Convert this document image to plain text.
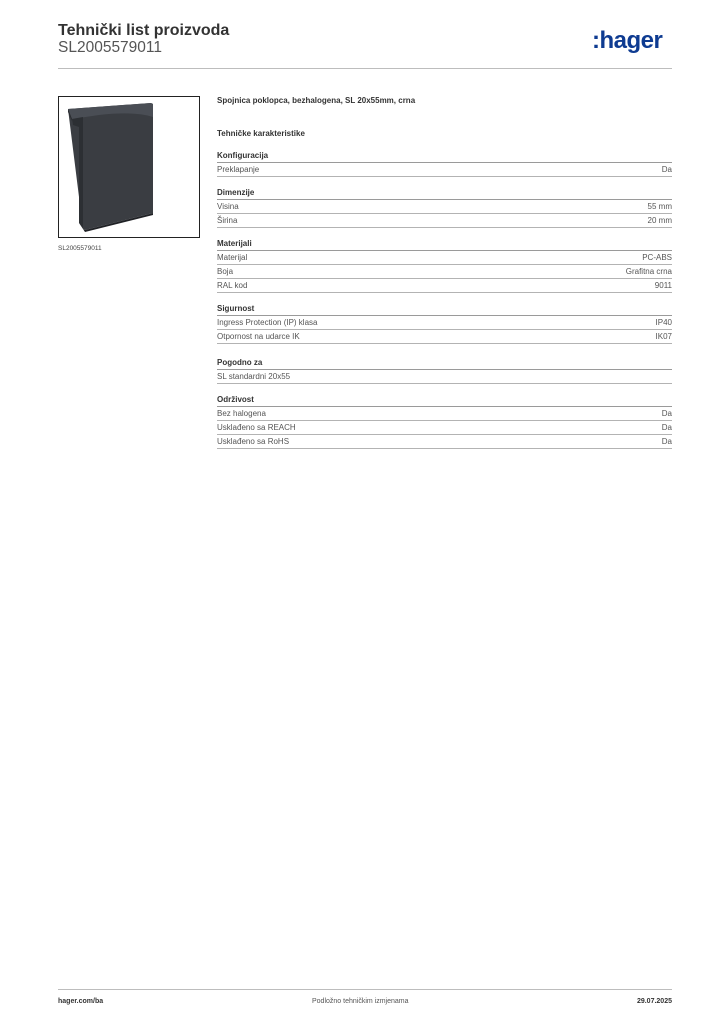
Tehnički list proizvoda
SL2005579011	:hager
SL2005579011
Spojnica poklopca, bezhalogena, SL 20x55mm, crna
Tehničke karakteristike
Konfiguracija
Preklapanje	Da
Dimenzije
Visina	55 mm
Širina	20 mm
Materijali
Materijal	PC-ABS
Boja	Grafitna crna
RAL kod	9011
Sigurnost
Ingress Protection (IP) klasa	IP40
Otpornost na udarce IK	IK07
Pogodno za
SL standardni 20x55
Održivost
Bez halogena	Da
Usklađeno sa REACH	Da
Usklađeno sa RoHS	Da
hager.com/ba	Podložno tehničkim izmjenama	29.07.2025
